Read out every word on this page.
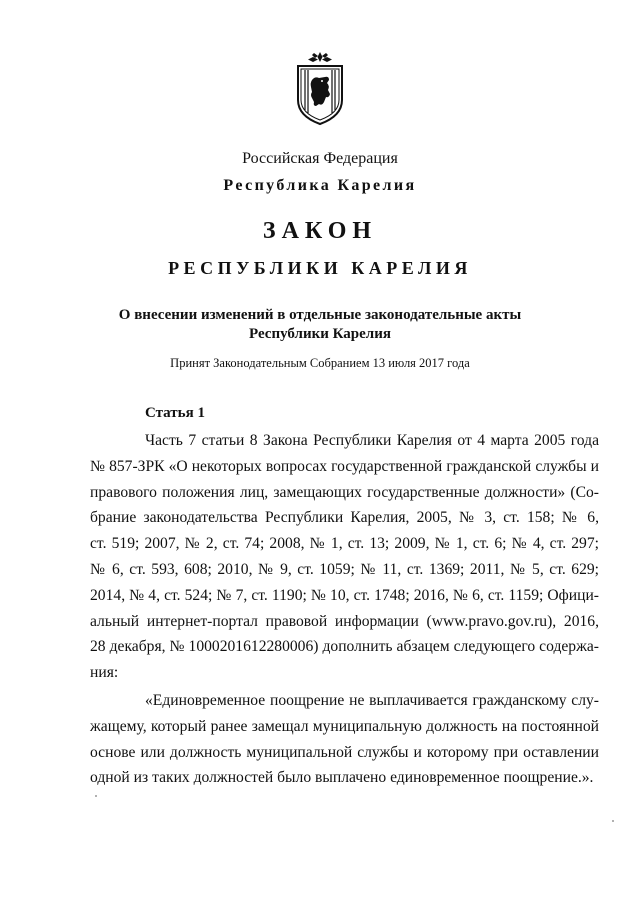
Российская Федерация
Республика Карелия
ЗАКОН
РЕСПУБЛИКИ КАРЕЛИЯ
О внесении изменений в отдельные законодательные акты
Республики Карелия
Принят Законодательным Собранием 13 июля 2017 года
Статья 1
Часть 7 статьи 8 Закона Республики Карелия от 4 марта 2005 года
№ 857-ЗРК «О некоторых вопросах государственной гражданской службы и
правового положения лиц, замещающих государственные должности» (Со-
брание законодательства Республики Карелия, 2005, № 3, ст. 158; № 6,
ст. 519; 2007, № 2, ст. 74; 2008, № 1, ст. 13; 2009, № 1, ст. 6; № 4, ст. 297;
№ 6, ст. 593, 608; 2010, № 9, ст. 1059; № 11, ст. 1369; 2011, № 5, ст. 629;
2014, № 4, ст. 524; № 7, ст. 1190; № 10, ст. 1748; 2016, № 6, ст. 1159; Офици-
альный интернет-портал правовой информации (www.pravo.gov.ru), 2016,
28 декабря, № 1000201612280006) дополнить абзацем следующего содержа-
ния:
«Единовременное поощрение не выплачивается гражданскому слу-
жащему, который ранее замещал муниципальную должность на постоянной
основе или должность муниципальной службы и которому при оставлении
одной из таких должностей было выплачено единовременное поощрение.».
